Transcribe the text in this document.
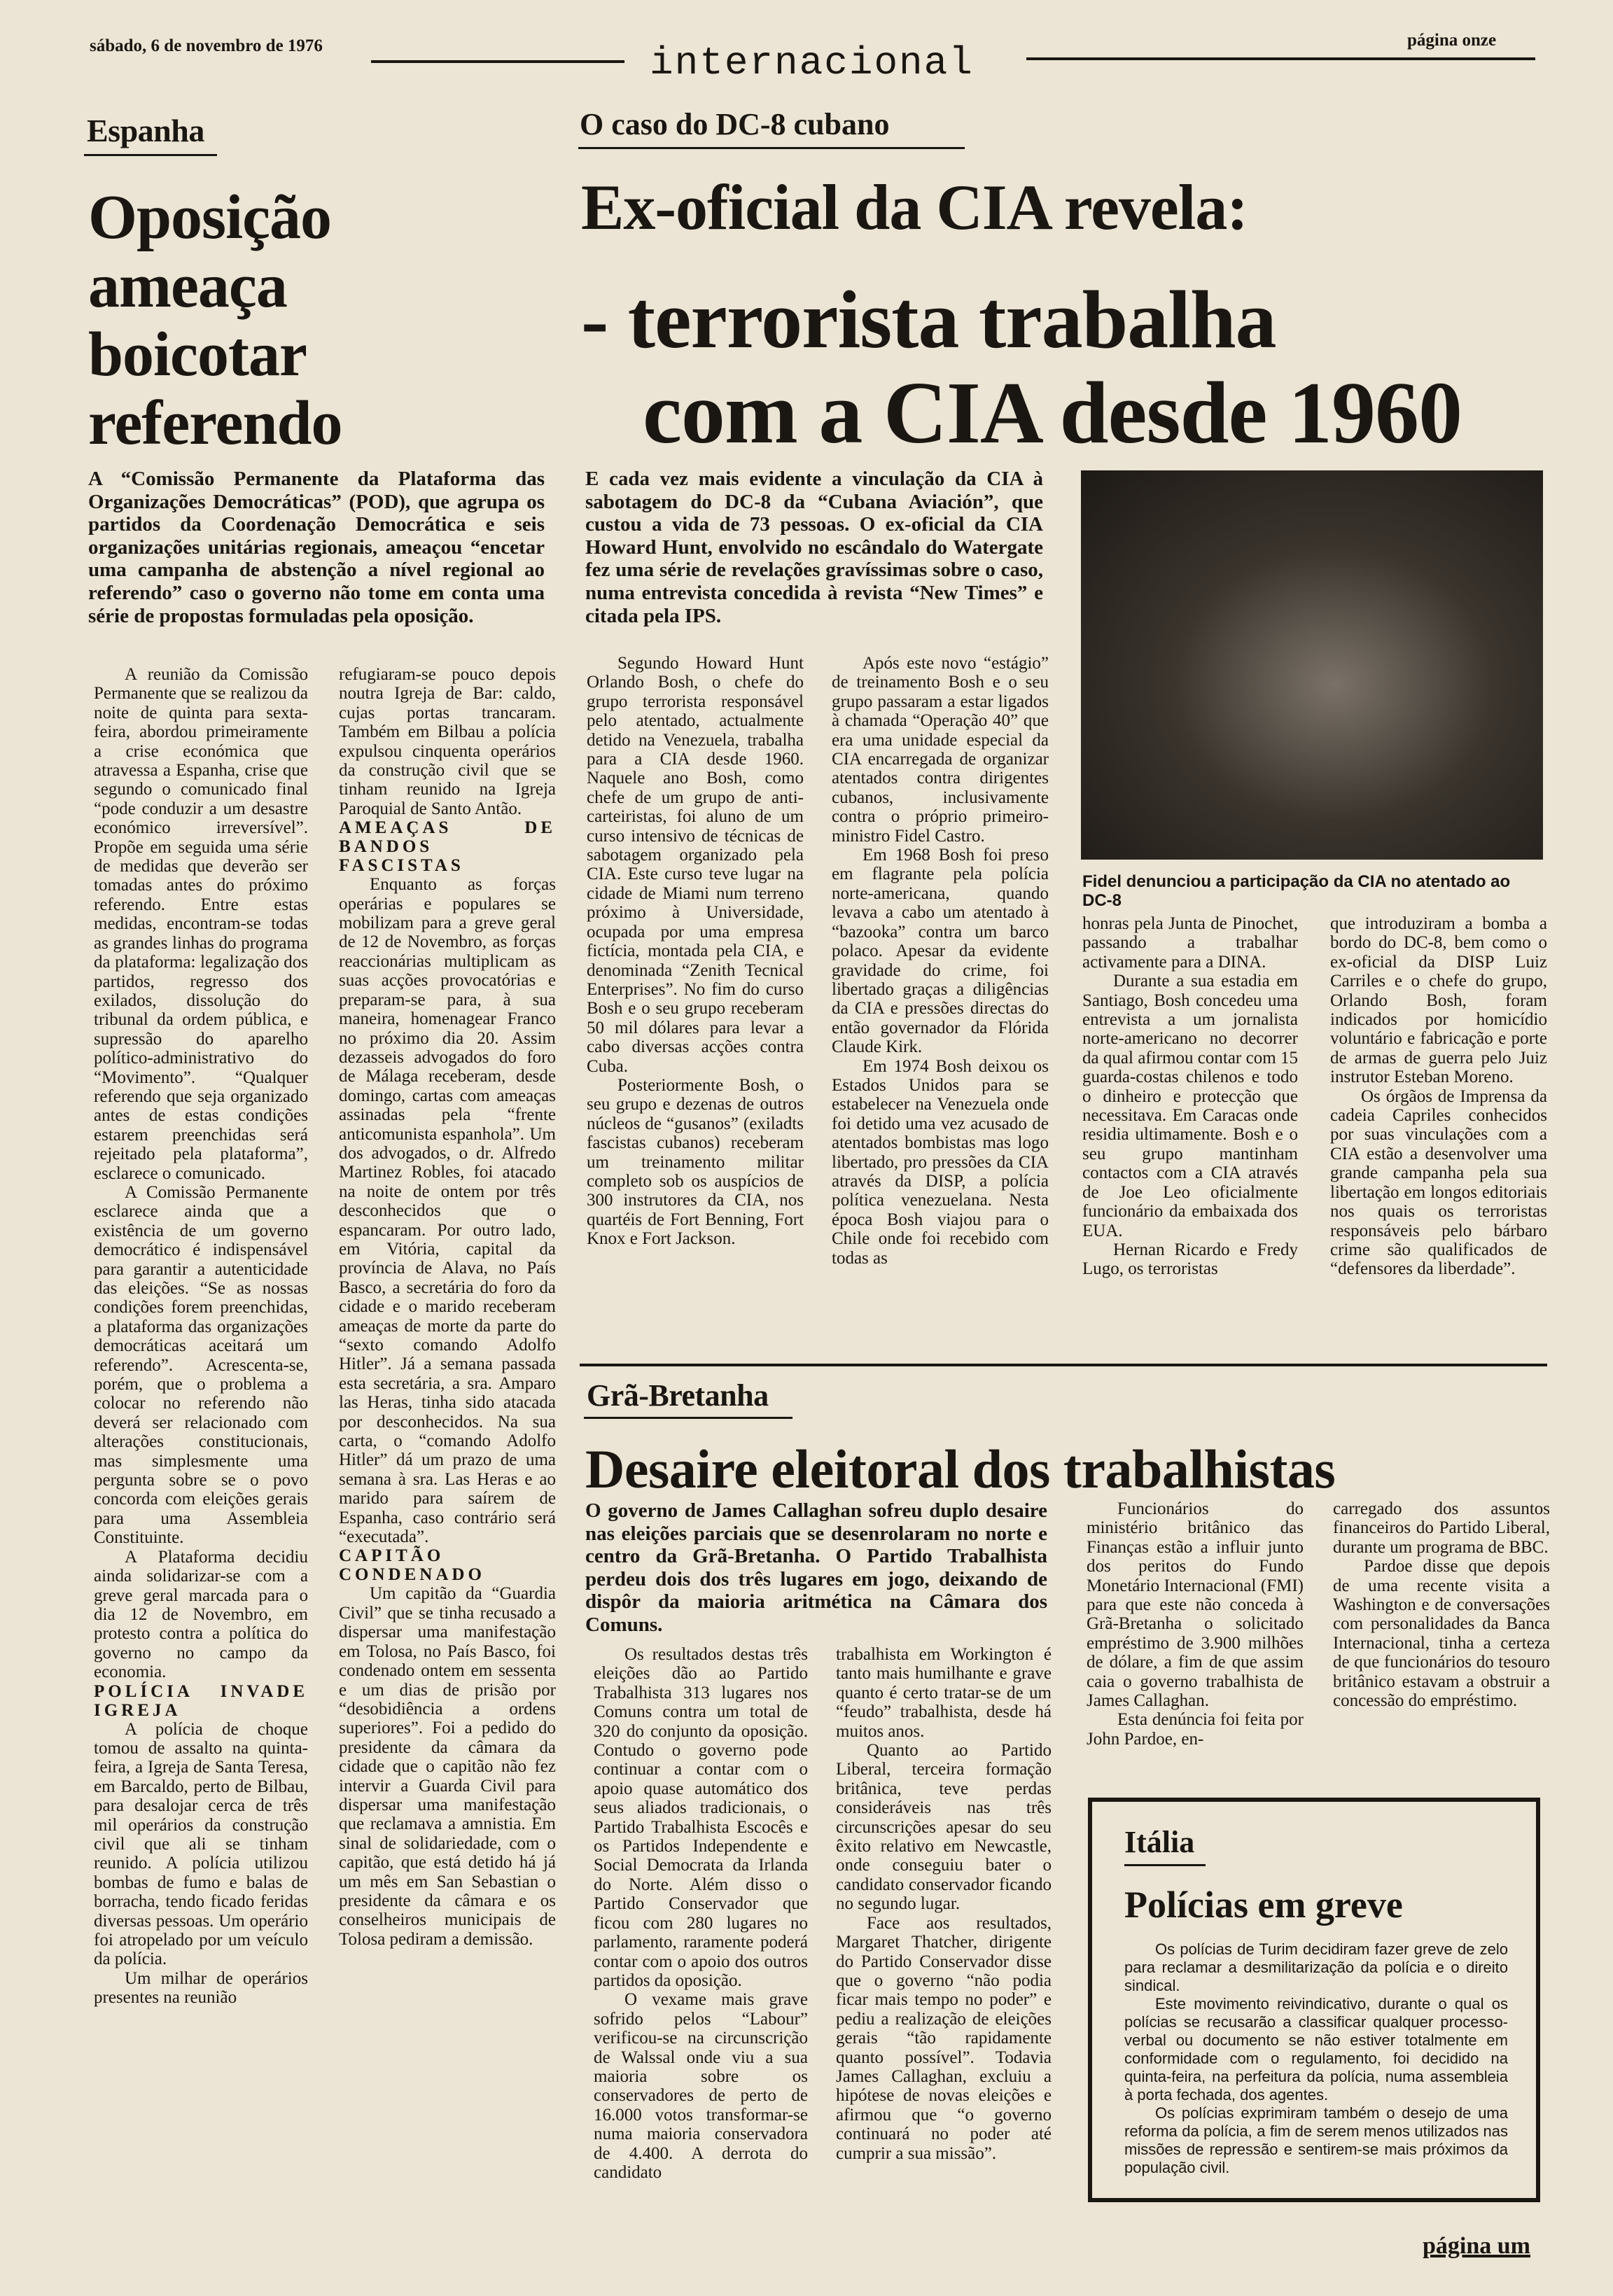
sábado, 6 de novembro de 1976	internacional
página onze
Espanha
Oposição ameaça boicotar referendo
A “Comissão Permanente da Plataforma das Organizações Democráticas” (POD), que agrupa os partidos da Coordenação Democrática e seis organizações unitárias regionais, ameaçou “encetar uma campanha de abstenção a nível regional ao referendo” caso o governo não tome em conta uma série de propostas formuladas pela oposição.

A reunião da Comissão Permanente que se realizou da noite de quinta para sexta-feira, abordou primeiramente a crise económica que atravessa a Espanha, crise que segundo o comunicado final “pode conduzir a um desastre económico irreversível”. Propõe em seguida uma série de medidas que deverão ser tomadas antes do próximo referendo. Entre estas medidas, encontram-se todas as grandes linhas do programa da plataforma: legalização dos partidos, regresso dos exilados, dissolução do tribunal da ordem pública, e supressão do aparelho político-administrativo do “Movimento”. “Qualquer referendo que seja organizado antes de estas condições estarem preenchidas será rejeitado pela plataforma”, esclarece o comunicado.

A Comissão Permanente esclarece ainda que a existência de um governo democrático é indispensável para garantir a autenticidade das eleições. “Se as nossas condições forem preenchidas, a plataforma das organizações democráticas aceitará um referendo”. Acrescenta-se, porém, que o problema a colocar no referendo não deverá ser relacionado com alterações constitucionais, mas simplesmente uma pergunta sobre se o povo concorda com eleições gerais para uma Assembleia Constituinte.

A Plataforma decidiu ainda solidarizar-se com a greve geral marcada para o dia 12 de Novembro, em protesto contra a política do governo no campo da economia.

POLÍCIA INVADE IGREJA

A polícia de choque tomou de assalto na quinta-feira, a Igreja de Santa Teresa, em Barcaldo, perto de Bilbau, para desalojar cerca de três mil operários da construção civil que ali se tinham reunido. A polícia utilizou bombas de fumo e balas de borracha, tendo ficado feridas diversas pessoas. Um operário foi atropelado por um veículo da polícia.

Um milhar de operários presentes na reunião

refugiaram-se pouco depois noutra Igreja de Bar: caldo, cujas portas trancaram. Também em Bilbau a polícia expulsou cinquenta operários da construção civil que se tinham reunido na Igreja Paroquial de Santo Antão.

AMEAÇAS DE BANDOS FASCISTAS

Enquanto as forças operárias e populares se mobilizam para a greve geral de 12 de Novembro, as forças reaccionárias multiplicam as suas acções provocatórias e preparam-se para, à sua maneira, homenagear Franco no próximo dia 20. Assim dezasseis advogados do foro de Málaga receberam, desde domingo, cartas com ameaças assinadas pela “frente anticomunista espanhola”. Um dos advogados, o dr. Alfredo Martinez Robles, foi atacado na noite de ontem por três desconhecidos que o espancaram. Por outro lado, em Vitória, capital da província de Alava, no País Basco, a secretária do foro da cidade e o marido receberam ameaças de morte da parte do “sexto comando Adolfo Hitler”. Já a semana passada esta secretária, a sra. Amparo las Heras, tinha sido atacada por desconhecidos. Na sua carta, o “comando Adolfo Hitler” dá um prazo de uma semana à sra. Las Heras e ao marido para saírem de Espanha, caso contrário será “executada”.

CAPITÃO CONDENADO

Um capitão da “Guardia Civil” que se tinha recusado a dispersar uma manifestação em Tolosa, no País Basco, foi condenado ontem em sessenta e um dias de prisão por “desobidiência a ordens superiores”. Foi a pedido do presidente da câmara da cidade que o capitão não fez intervir a Guarda Civil para dispersar uma manifestação que reclamava a amnistia. Em sinal de solidariedade, com o capitão, que está detido há já um mês em San Sebastian o presidente da câmara e os conselheiros municipais de Tolosa pediram a demissão.

O caso do DC-8 cubano
Ex-oficial da CIA revela:
- terrorista trabalha
com a CIA desde 1960
E cada vez mais evidente a vinculação da CIA à sabotagem do DC-8 da “Cubana Aviación”, que custou a vida de 73 pessoas. O ex-oficial da CIA Howard Hunt, envolvido no escândalo do Watergate fez uma série de revelações gravíssimas sobre o caso, numa entrevista concedida à revista “New Times” e citada pela IPS.
Fidel denunciou a participação da CIA no atentado ao DC-8

Segundo Howard Hunt Orlando Bosh, o chefe do grupo terrorista responsável pelo atentado, actualmente detido na Venezuela, trabalha para a CIA desde 1960. Naquele ano Bosh, como chefe de um grupo de anti-carteiristas, foi aluno de um curso intensivo de técnicas de sabotagem organizado pela CIA. Este curso teve lugar na cidade de Miami num terreno próximo à Universidade, ocupada por uma empresa fictícia, montada pela CIA, e denominada “Zenith Tecnical Enterprises”. No fim do curso Bosh e o seu grupo receberam 50 mil dólares para levar a cabo diversas acções contra Cuba.

Posteriormente Bosh, o seu grupo e dezenas de outros núcleos de “gusanos” (exiladts fascistas cubanos) receberam um treinamento militar completo sob os auspícios de 300 instrutores da CIA, nos quartéis de Fort Benning, Fort Knox e Fort Jackson.

Após este novo “estágio” de treinamento Bosh e o seu grupo passaram a estar ligados à chamada “Operação 40” que era uma unidade especial da CIA encarregada de organizar atentados contra dirigentes cubanos, inclusivamente contra o próprio primeiro-ministro Fidel Castro.

Em 1968 Bosh foi preso em flagrante pela polícia norte-americana, quando levava a cabo um atentado à “bazooka” contra um barco polaco. Apesar da evidente gravidade do crime, foi libertado graças a diligências da CIA e pressões directas do então governador da Flórida Claude Kirk.

Em 1974 Bosh deixou os Estados Unidos para se estabelecer na Venezuela onde foi detido uma vez acusado de atentados bombistas mas logo libertado, pro pressões da CIA através da DISP, a polícia política venezuelana. Nesta época Bosh viajou para o Chile onde foi recebido com todas as

honras pela Junta de Pinochet, passando a trabalhar activamente para a DINA.

Durante a sua estadia em Santiago, Bosh concedeu uma entrevista a um jornalista norte-americano no decorrer da qual afirmou contar com 15 guarda-costas chilenos e todo o dinheiro e protecção que necessitava. Em Caracas onde residia ultimamente. Bosh e o seu grupo mantinham contactos com a CIA através de Joe Leo oficialmente funcionário da embaixada dos EUA.

Hernan Ricardo e Fredy Lugo, os terroristas

que introduziram a bomba a bordo do DC-8, bem como o ex-oficial da DISP Luiz Carriles e o chefe do grupo, Orlando Bosh, foram indicados por homicídio voluntário e fabricação e porte de armas de guerra pelo Juiz instrutor Esteban Moreno.

Os órgãos de Imprensa da cadeia Capriles conhecidos por suas vinculações com a CIA estão a desenvolver uma grande campanha pela sua libertação em longos editoriais nos quais os terroristas responsáveis pelo bárbaro crime são qualificados de “defensores da liberdade”.

Grã-Bretanha
Desaire eleitoral dos trabalhistas
O governo de James Callaghan sofreu duplo desaire nas eleições parciais que se desenrolaram no norte e centro da Grã-Bretanha. O Partido Trabalhista perdeu dois dos três lugares em jogo, deixando de dispôr da maioria aritmética na Câmara dos Comuns.

Os resultados destas três eleições dão ao Partido Trabalhista 313 lugares nos Comuns contra um total de 320 do conjunto da oposição. Contudo o governo pode continuar a contar com o apoio quase automático dos seus aliados tradicionais, o Partido Trabalhista Escocês e os Partidos Independente e Social Democrata da Irlanda do Norte. Além disso o Partido Conservador que ficou com 280 lugares no parlamento, raramente poderá contar com o apoio dos outros partidos da oposição.

O vexame mais grave sofrido pelos “Labour” verificou-se na circunscrição de Walssal onde viu a sua maioria sobre os conservadores de perto de 16.000 votos transformar-se numa maioria conservadora de 4.400. A derrota do candidato

trabalhista em Workington é tanto mais humilhante e grave quanto é certo tratar-se de um “feudo” trabalhista, desde há muitos anos.

Quanto ao Partido Liberal, terceira formação britânica, teve perdas consideráveis nas três circunscrições apesar do seu êxito relativo em Newcastle, onde conseguiu bater o candidato conservador ficando no segundo lugar.

Face aos resultados, Margaret Thatcher, dirigente do Partido Conservador disse que o governo “não podia ficar mais tempo no poder” e pediu a realização de eleições gerais “tão rapidamente quanto possível”. Todavia James Callaghan, excluiu a hipótese de novas eleições e afirmou que “o governo continuará no poder até cumprir a sua missão”.

Funcionários do ministério britânico das Finanças estão a influir junto dos peritos do Fundo Monetário Internacional (FMI) para que este não conceda à Grã-Bretanha o solicitado empréstimo de 3.900 milhões de dólare, a fim de que assim caia o governo trabalhista de James Callaghan.

Esta denúncia foi feita por John Pardoe, en-

carregado dos assuntos financeiros do Partido Liberal, durante um programa de BBC.

Pardoe disse que depois de uma recente visita a Washington e de conversações com personalidades da Banca Internacional, tinha a certeza de que funcionários do tesouro britânico estavam a obstruir a concessão do empréstimo.

Itália
Polícias em greve

Os polícias de Turim decidiram fazer greve de zelo para reclamar a desmilitarização da polícia e o direito sindical.

Este movimento reivindicativo, durante o qual os polícias se recusarão a classificar qualquer processo-verbal ou documento se não estiver totalmente em conformidade com o regulamento, foi decidido na quinta-feira, na perfeitura da polícia, numa assembleia à porta fechada, dos agentes.

Os polícias exprimiram também o desejo de uma reforma da polícia, a fim de serem menos utilizados nas missões de repressão e sentirem-se mais próximos da população civil.

página um
